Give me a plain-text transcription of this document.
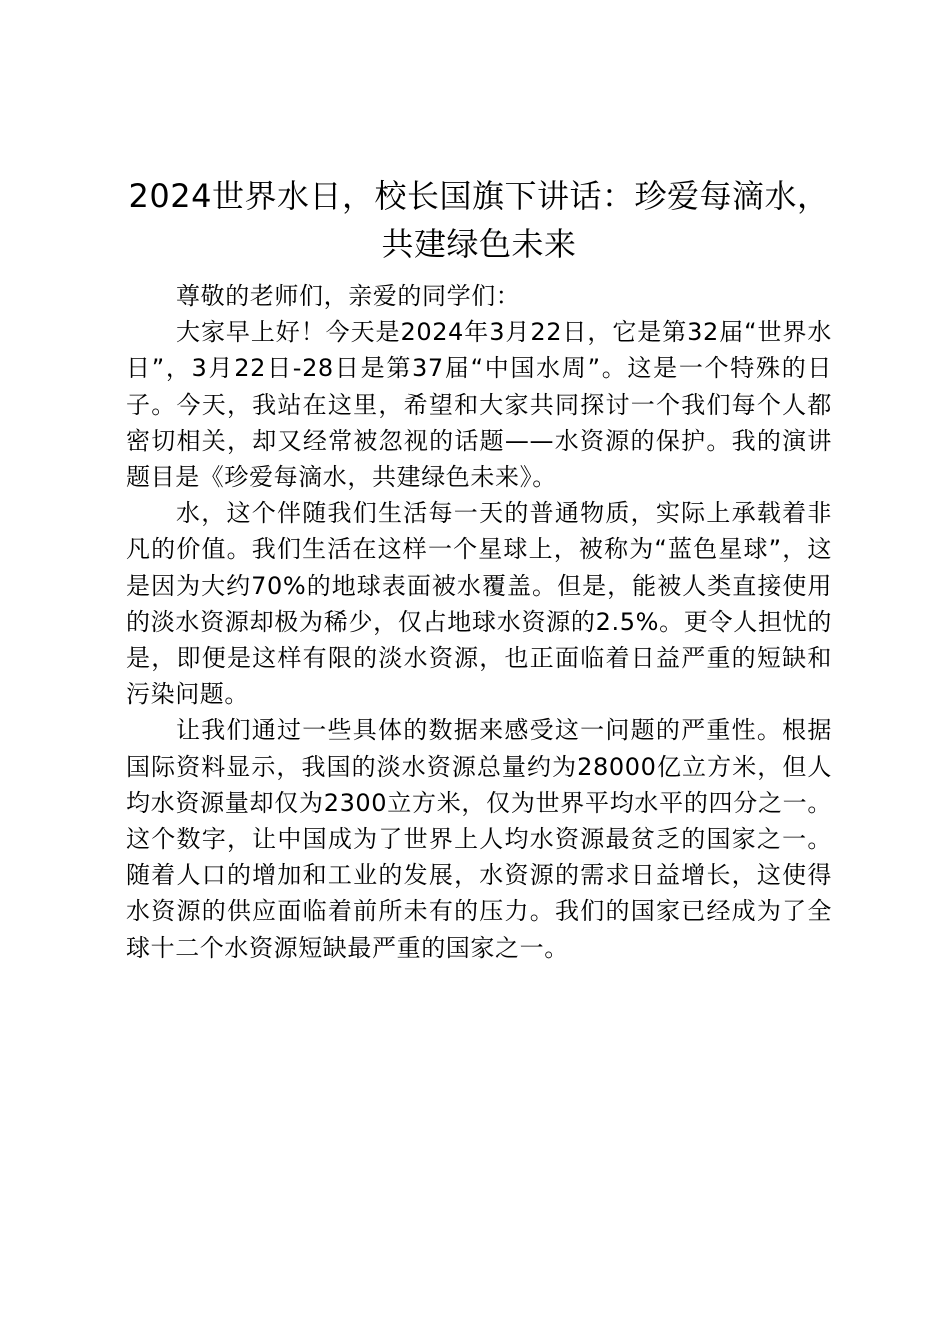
2024世界水日，校长国旗下讲话：珍爱每滴水，共建绿色未来

尊敬的老师们，亲爱的同学们：

大家早上好！今天是2024年3月22日，它是第32届“世界水日”，3月22日-28日是第37届“中国水周”。这是一个特殊的日子。今天，我站在这里，希望和大家共同探讨一个我们每个人都密切相关，却又经常被忽视的话题——水资源的保护。我的演讲题目是《珍爱每滴水，共建绿色未来》。

水，这个伴随我们生活每一天的普通物质，实际上承载着非凡的价值。我们生活在这样一个星球上，被称为“蓝色星球”，这是因为大约70%的地球表面被水覆盖。但是，能被人类直接使用的淡水资源却极为稀少，仅占地球水资源的2.5%。更令人担忧的是，即便是这样有限的淡水资源，也正面临着日益严重的短缺和污染问题。

让我们通过一些具体的数据来感受这一问题的严重性。根据国际资料显示，我国的淡水资源总量约为28000亿立方米，但人均水资源量却仅为2300立方米，仅为世界平均水平的四分之一。这个数字，让中国成为了世界上人均水资源最贫乏的国家之一。随着人口的增加和工业的发展，水资源的需求日益增长，这使得水资源的供应面临着前所未有的压力。我们的国家已经成为了全球十二个水资源短缺最严重的国家之一。
